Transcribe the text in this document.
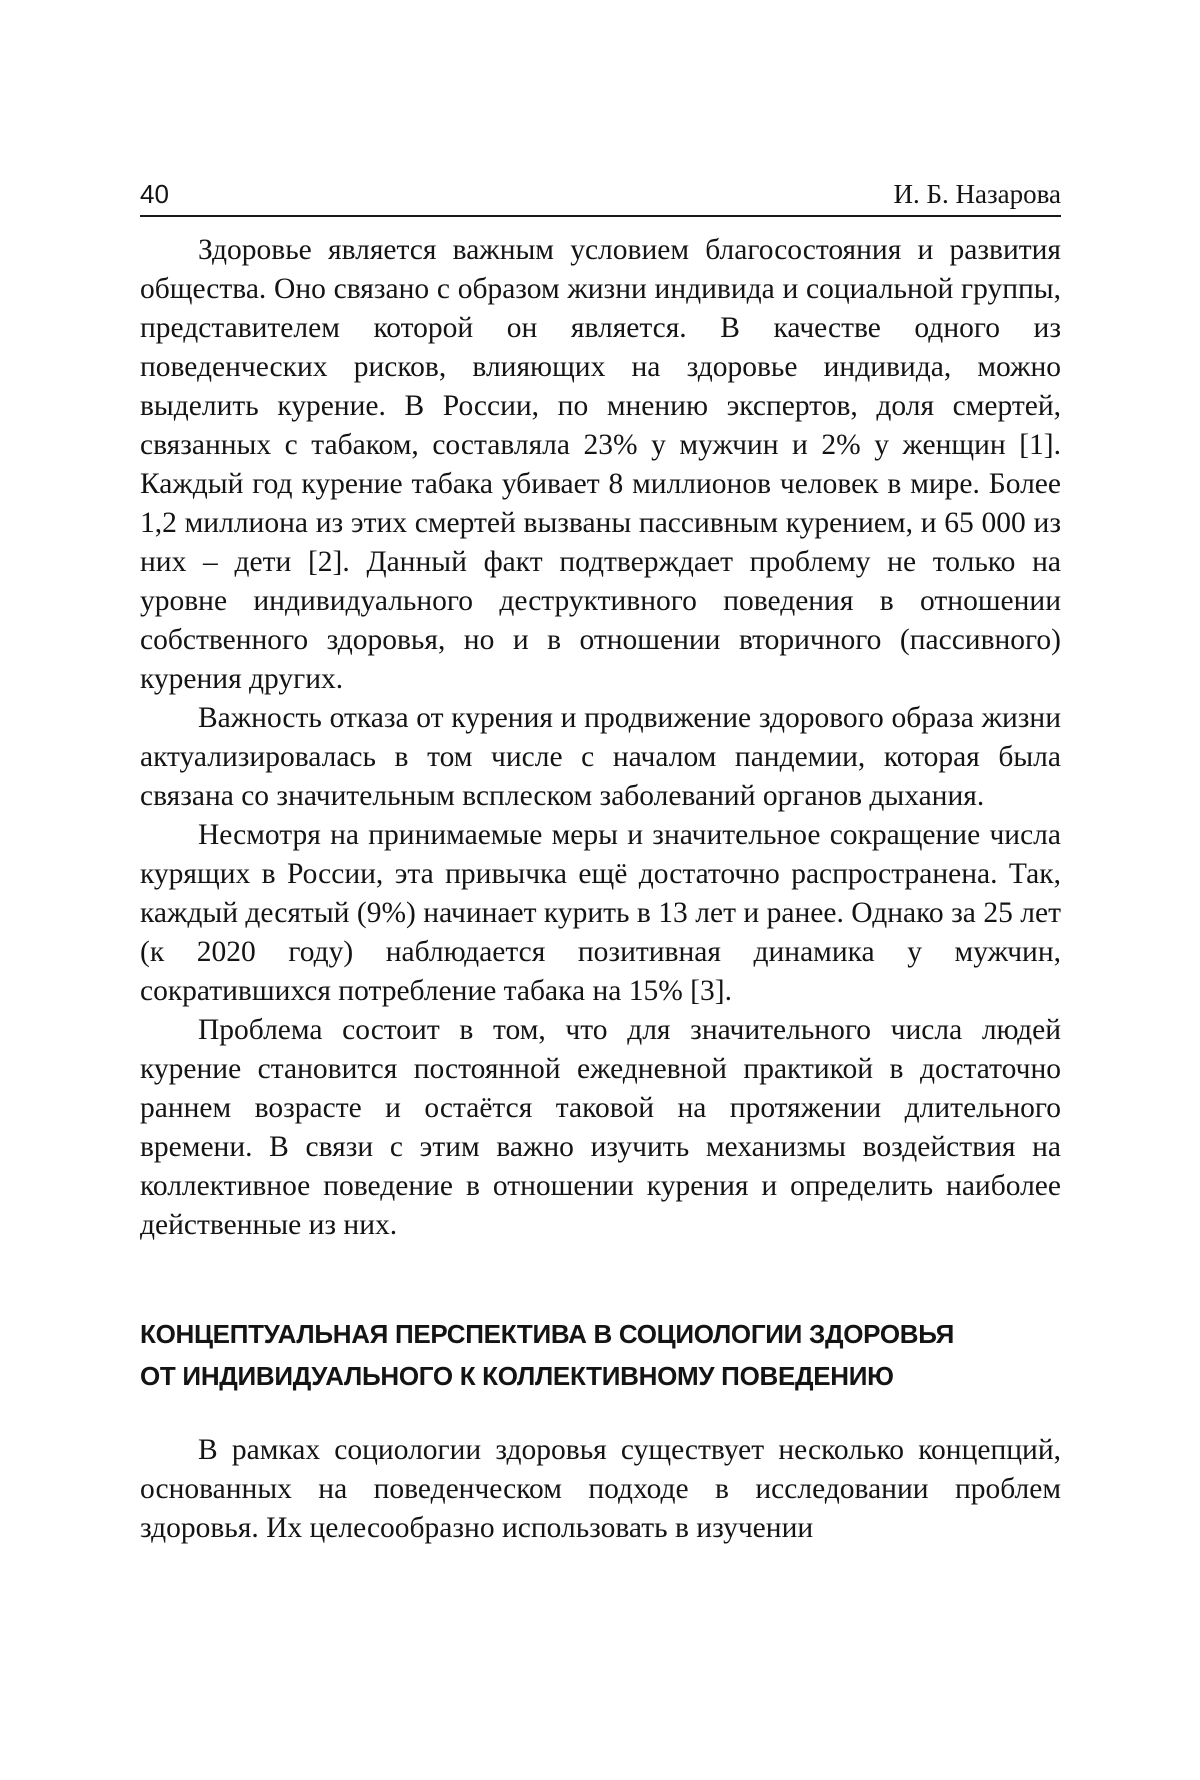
40	И. Б. Назарова

Здоровье является важным условием благосостояния и развития общества. Оно связано с образом жизни индивида и социальной группы, представителем которой он является. В качестве одного из поведенческих рисков, влияющих на здоровье индивида, можно выделить курение. В России, по мнению экспертов, доля смертей, связанных с табаком, составляла 23% у мужчин и 2% у женщин [1]. Каждый год курение табака убивает 8 миллионов человек в мире. Более 1,2 миллиона из этих смертей вызваны пассивным курением, и 65 000 из них – дети [2]. Данный факт подтверждает проблему не только на уровне индивидуального деструктивного поведения в отношении собственного здоровья, но и в отношении вторичного (пассивного) курения других.

Важность отказа от курения и продвижение здорового образа жизни актуализировалась в том числе с началом пандемии, которая была связана со значительным всплеском заболеваний органов дыхания.

Несмотря на принимаемые меры и значительное сокращение числа курящих в России, эта привычка ещё достаточно распространена. Так, каждый десятый (9%) начинает курить в 13 лет и ранее. Однако за 25 лет (к 2020 году) наблюдается позитивная динамика у мужчин, сократившихся потребление табака на 15% [3].

Проблема состоит в том, что для значительного числа людей курение становится постоянной ежедневной практикой в достаточно раннем возрасте и остаётся таковой на протяжении длительного времени. В связи с этим важно изучить механизмы воздействия на коллективное поведение в отношении курения и определить наиболее действенные из них.

КОНЦЕПТУАЛЬНАЯ ПЕРСПЕКТИВА В СОЦИОЛОГИИ ЗДОРОВЬЯ
ОТ ИНДИВИДУАЛЬНОГО К КОЛЛЕКТИВНОМУ ПОВЕДЕНИЮ

В рамках социологии здоровья существует несколько концепций, основанных на поведенческом подходе в исследовании проблем здоровья. Их целесообразно использовать в изучении
